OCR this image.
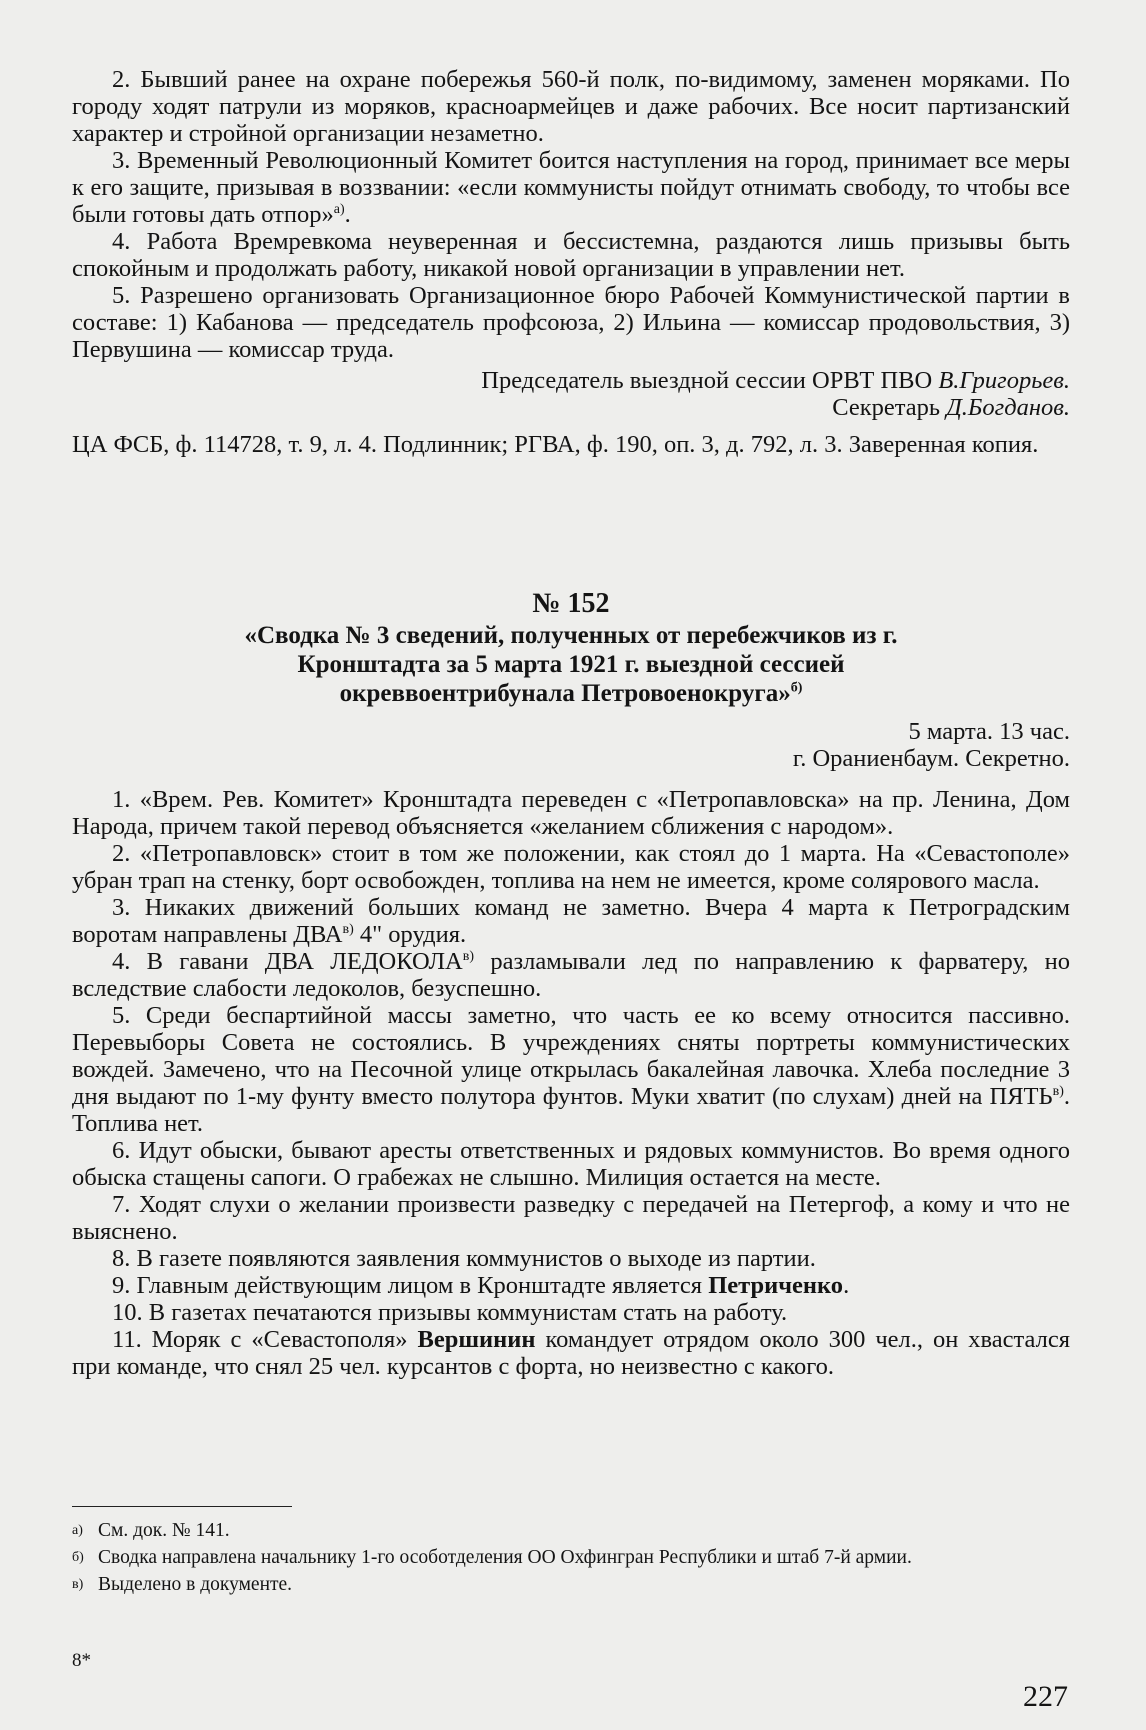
2. Бывший ранее на охране побережья 560-й полк, по-видимому, заменен моряками. По городу ходят патрули из моряков, красноармейцев и даже рабочих. Все носит партизанский характер и стройной организации незаметно.

3. Временный Революционный Комитет боится наступления на город, принимает все меры к его защите, призывая в воззвании: «если коммунисты пойдут отнимать свободу, то чтобы все были готовы дать отпор»$^{а)}$.

4. Работа Времревкома неуверенная и бессистемна, раздаются лишь призывы быть спокойным и продолжать работу, никакой новой организации в управлении нет.

5. Разрешено организовать Организационное бюро Рабочей Коммунистической партии в составе: 1) Кабанова — председатель профсоюза, 2) Ильина — комиссар продовольствия, 3) Первушина — комиссар труда.

Председатель выездной сессии ОРВТ ПВО В.Григорьев.

Секретарь Д.Богданов.

ЦА ФСБ, ф. 114728, т. 9, л. 4. Подлинник; РГВА, ф. 190, оп. 3, д. 792, л. 3. Заверенная копия.

№ 152
«Сводка № 3 сведений, полученных от перебежчиков из г. Кронштадта за 5 марта 1921 г. выездной сессией окреввоентрибунала Петровоенокруга»$^{б)}$

5 марта. 13 час.

г. Ораниенбаум. Секретно.

1. «Врем. Рев. Комитет» Кронштадта переведен с «Петропавловска» на пр. Ленина, Дом Народа, причем такой перевод объясняется «желанием сближения с народом».

2. «Петропавловск» стоит в том же положении, как стоял до 1 марта. На «Севастополе» убран трап на стенку, борт освобожден, топлива на нем не имеется, кроме солярового масла.

3. Никаких движений больших команд не заметно. Вчера 4 марта к Петроградским воротам направлены $ДВА^{в)}$ 4" орудия.

4. В гавани ДВА $ЛЕДОКОЛА^{в)}$ разламывали лед по направлению к фарватеру, но вследствие слабости ледоколов, безуспешно.

5. Среди беспартийной массы заметно, что часть ее ко всему относится пассивно. Перевыборы Совета не состоялись. В учреждениях сняты портреты коммунистических вождей. Замечено, что на Песочной улице открылась бакалейная лавочка. Хлеба последние 3 дня выдают по 1-му фунту вместо полутора фунтов. Муки хватит (по слухам) дней на $ПЯТЬ^{в)}$. Топлива нет.

6. Идут обыски, бывают аресты ответственных и рядовых коммунистов. Во время одного обыска стащены сапоги. О грабежах не слышно. Милиция остается на месте.

7. Ходят слухи о желании произвести разведку с передачей на Петергоф, а кому и что не выяснено.

8. В газете появляются заявления коммунистов о выходе из партии.

9. Главным действующим лицом в Кронштадте является Петриченко.

10. В газетах печатаются призывы коммунистам стать на работу.

11. Моряк с «Севастополя» Вершинин командует отрядом около 300 чел., он хвастался при команде, что снял 25 чел. курсантов с форта, но неизвестно с какого.

а) См. док. № 141.

б) Сводка направлена начальнику 1-го особотделения ОО Охфингран Республики и штаб 7-й армии.

в) Выделено в документе.

8*
227
